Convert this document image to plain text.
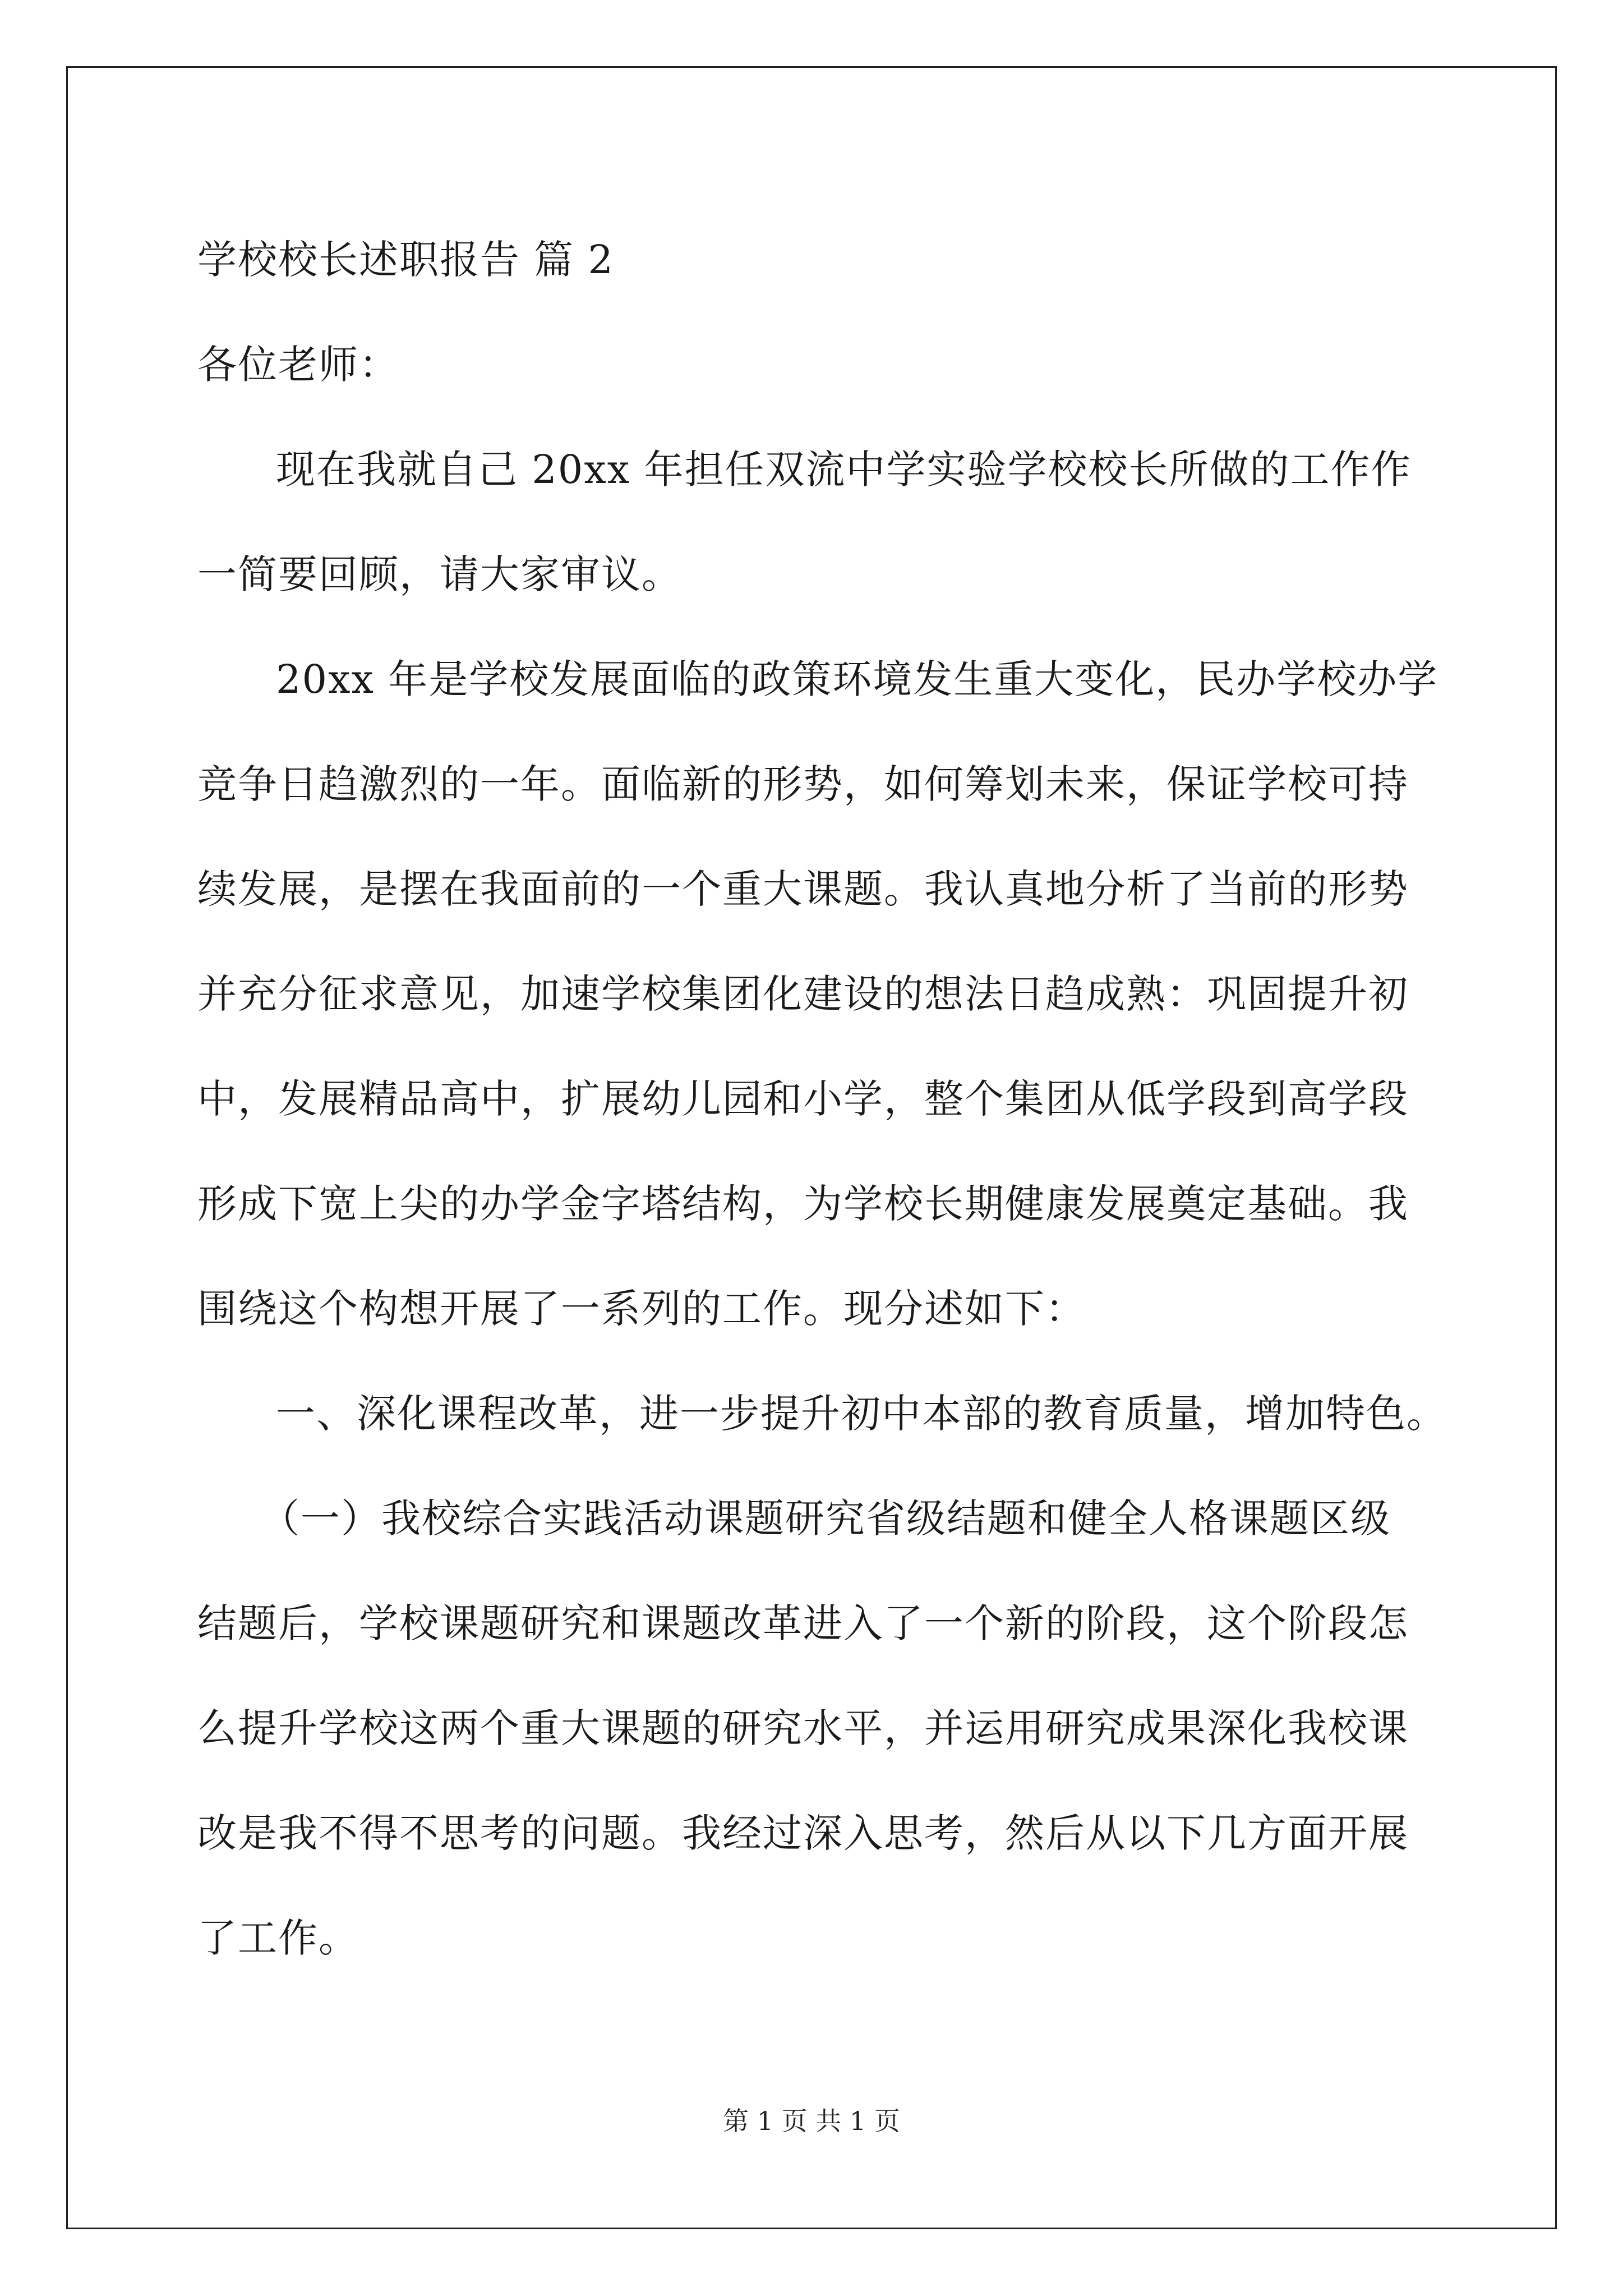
学校校长述职报告 篇 2
各位老师：
现在我就自己 20xx 年担任双流中学实验学校校长所做的工作作
一简要回顾，请大家审议。
20xx 年是学校发展面临的政策环境发生重大变化，民办学校办学
竞争日趋激烈的一年。面临新的形势，如何筹划未来，保证学校可持
续发展，是摆在我面前的一个重大课题。我认真地分析了当前的形势
并充分征求意见，加速学校集团化建设的想法日趋成熟：巩固提升初
中，发展精品高中，扩展幼儿园和小学，整个集团从低学段到高学段
形成下宽上尖的办学金字塔结构，为学校长期健康发展奠定基础。我
围绕这个构想开展了一系列的工作。现分述如下：
一、深化课程改革，进一步提升初中本部的教育质量，增加特色。
（一）我校综合实践活动课题研究省级结题和健全人格课题区级
结题后，学校课题研究和课题改革进入了一个新的阶段，这个阶段怎
么提升学校这两个重大课题的研究水平，并运用研究成果深化我校课
改是我不得不思考的问题。我经过深入思考，然后从以下几方面开展
了工作。
第 1 页 共 1 页
